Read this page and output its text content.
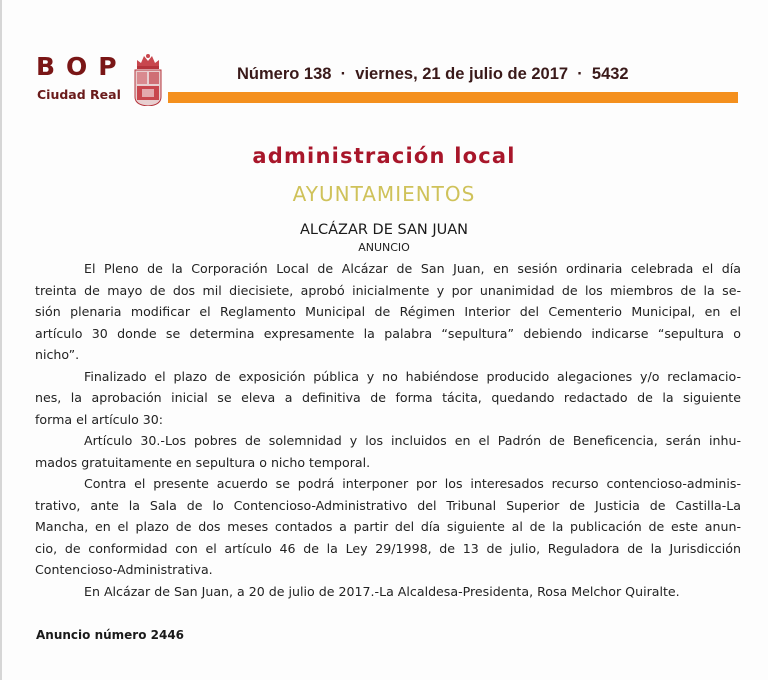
BOP
Ciudad Real
Número 138  ·  viernes, 21 de julio de 2017  ·  5432
administración local
AYUNTAMIENTOS
ALCÁZAR DE SAN JUAN
ANUNCIO
El Pleno de la Corporación Local de Alcázar de San Juan, en sesión ordinaria celebrada el día
treinta de mayo de dos mil diecisiete, aprobó inicialmente y por unanimidad de los miembros de la se-
sión plenaria modificar el Reglamento Municipal de Régimen Interior del Cementerio Municipal, en el
artículo 30 donde se determina expresamente la palabra “sepultura” debiendo indicarse “sepultura o
nicho”.
Finalizado el plazo de exposición pública y no habiéndose producido alegaciones y/o reclamacio-
nes, la aprobación inicial se eleva a definitiva de forma tácita, quedando redactado de la siguiente
forma el artículo 30:
Artículo 30.-Los pobres de solemnidad y los incluidos en el Padrón de Beneficencia, serán inhu-
mados gratuitamente en sepultura o nicho temporal.
Contra el presente acuerdo se podrá interponer por los interesados recurso contencioso-adminis-
trativo, ante la Sala de lo Contencioso-Administrativo del Tribunal Superior de Justicia de Castilla-La
Mancha, en el plazo de dos meses contados a partir del día siguiente al de la publicación de este anun-
cio, de conformidad con el artículo 46 de la Ley 29/1998, de 13 de julio, Reguladora de la Jurisdicción
Contencioso-Administrativa.
En Alcázar de San Juan, a 20 de julio de 2017.-La Alcaldesa-Presidenta, Rosa Melchor Quiralte.
Anuncio número 2446
